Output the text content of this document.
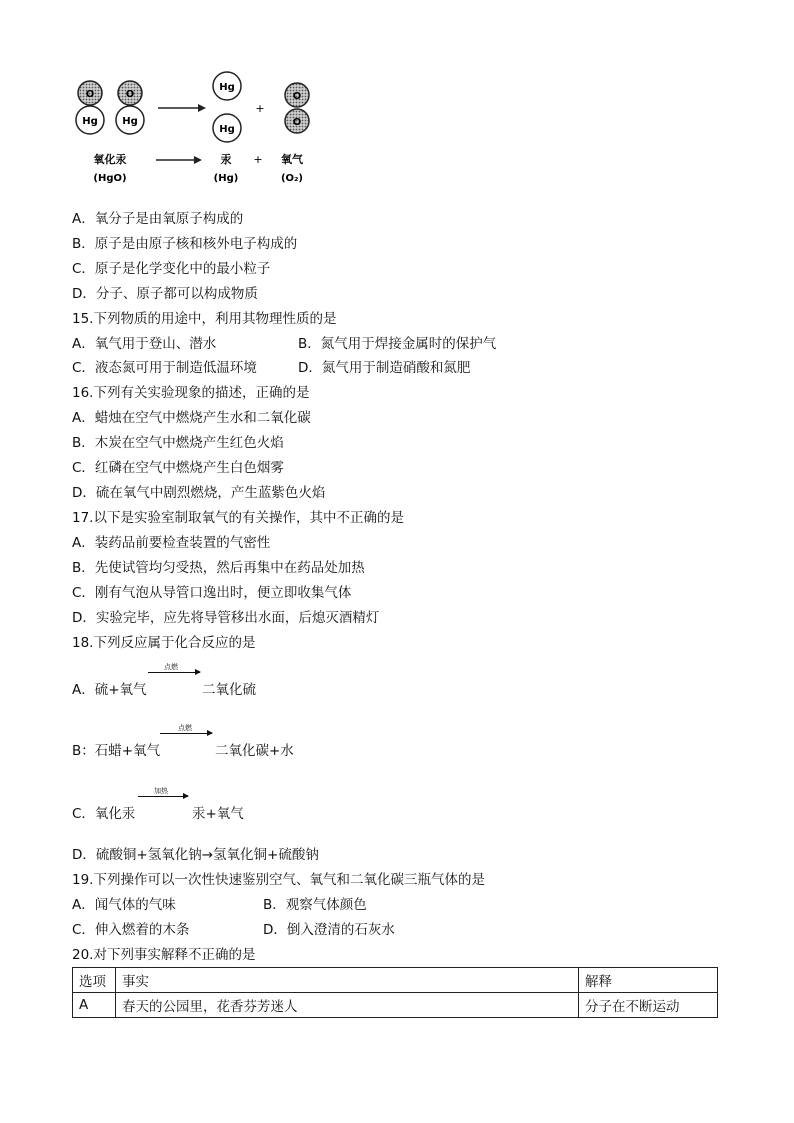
O
Hg
O
Hg
Hg
Hg
+
O
O
氧化汞
(HgO)
汞
(Hg)
+ 氧气
(O₂)
A．氧分子是由氧原子构成的
B．原子是由原子核和核外电子构成的
C．原子是化学变化中的最小粒子
D．分子、原子都可以构成物质
15.下列物质的用途中，利用其物理性质的是
A．氧气用于登山、潜水	B．氮气用于焊接金属时的保护气
C．液态氮可用于制造低温环境	D．氮气用于制造硝酸和氮肥
16.下列有关实验现象的描述，正确的是
A．蜡烛在空气中燃烧产生水和二氧化碳
B．木炭在空气中燃烧产生红色火焰
C．红磷在空气中燃烧产生白色烟雾
D．硫在氧气中剧烈燃烧，产生蓝紫色火焰
17.以下是实验室制取氧气的有关操作，其中不正确的是
A．装药品前要检查装置的气密性
B．先使试管均匀受热，然后再集中在药品处加热
C．刚有气泡从导管口逸出时，便立即收集气体
D．实验完毕，应先将导管移出水面，后熄灭酒精灯
18.下列反应属于化合反应的是
A．硫+氧气
点燃
二氧化硫
B：石蜡+氧气
点燃
二氧化碳+水
C．氧化汞
加热
汞+氧气
D．硫酸铜+氢氧化钠→氢氧化铜+硫酸钠
19.下列操作可以一次性快速鉴别空气、氧气和二氧化碳三瓶气体的是
A．闻气体的气味	B．观察气体颜色
C．伸入燃着的木条	D．倒入澄清的石灰水
20.对下列事实解释不正确的是
选项	事实	解释
A	春天的公园里，花香芬芳迷人	分子在不断运动
